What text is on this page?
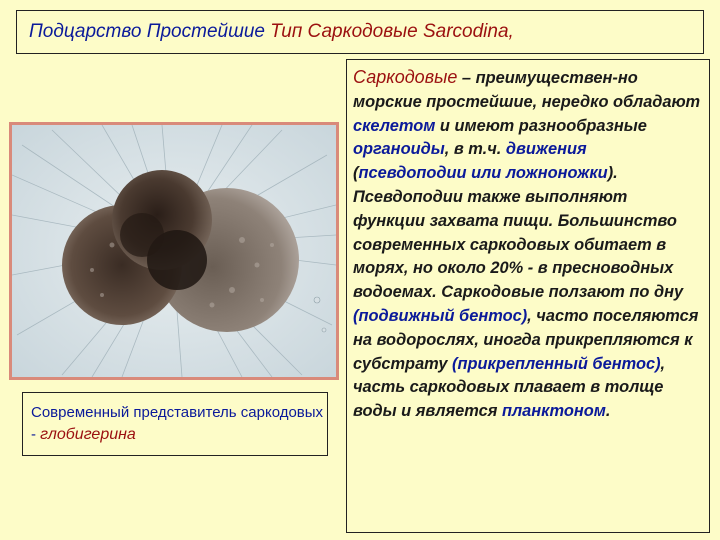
Подцарство Простейшие Тип Саркодовые Sarcodina,
Современный представитель саркодовых - глобигерина
Саркодовые – преимуществен-но морские простейшие, нередко обладают скелетом и имеют разнообразные органоиды, в т.ч. движения (псевдоподии или ложноножки). Псевдоподии также выполняют функции захвата пищи. Большинство современных саркодовых обитает в морях, но около 20% - в пресноводных водоемах. Саркодовые ползают по дну (подвижный бентос), часто поселяются на водорослях, иногда прикрепляются к субстрату (прикрепленный бентос), часть саркодовых плавает в толще воды и является планктоном.
